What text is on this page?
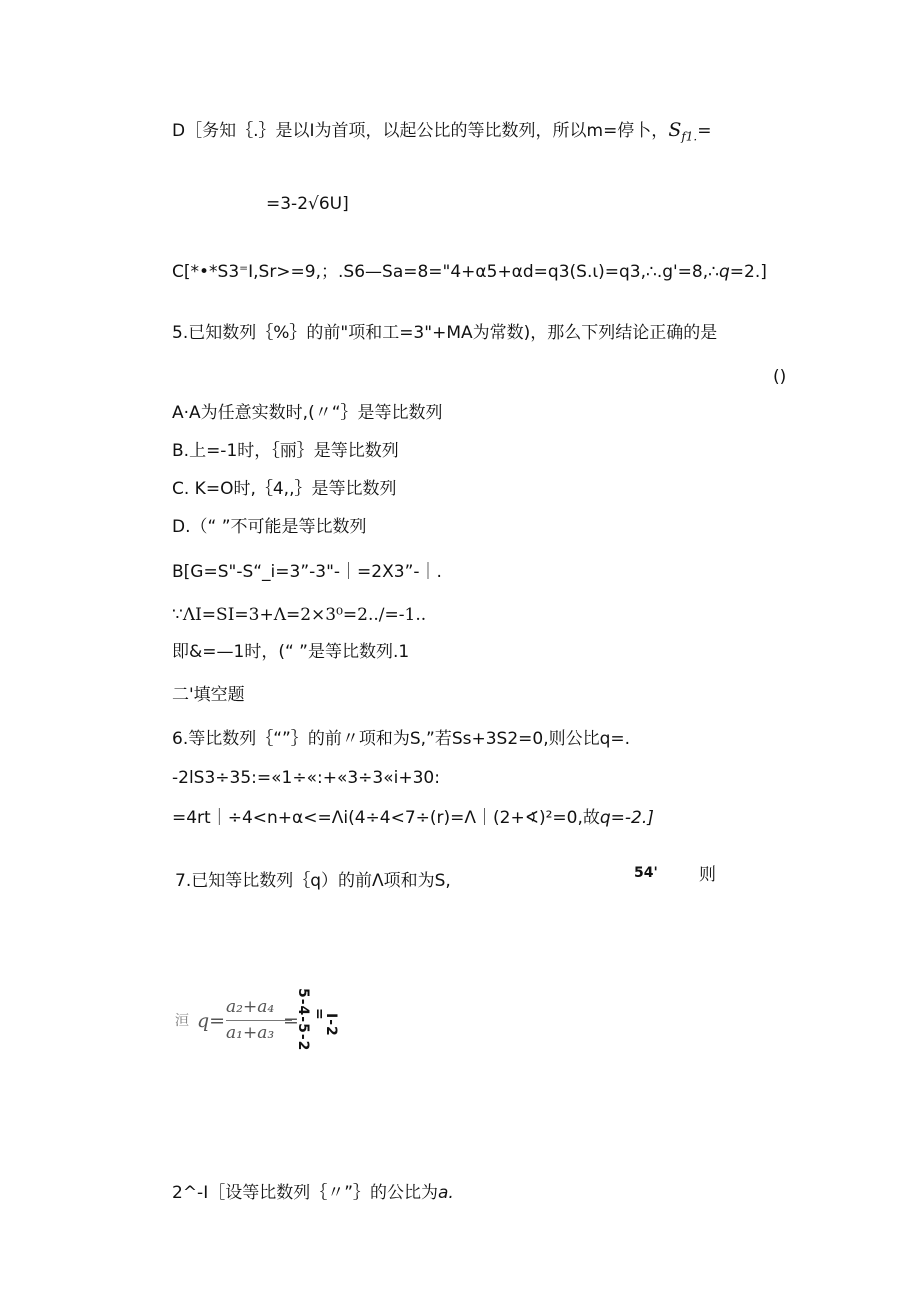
D［务知｛.｝是以I为首项，以起公比的等比数列，所以m=停卜，$S_{f1.}=$
=3-2√6U]
C[*•*S3⁼I,Sr>=9,；.S6—Sa=8="4+α5+αd=q3(S.ι)=q3,∴.g'=8,∴q=2.]
5.已知数列｛%｝的前"项和工=3"+MA为常数)，那么下列结论正确的是
()
A·A为任意实数时,(〃“｝是等比数列
B.上=-1时，｛丽｝是等比数列
C. K=O时,｛4,,｝是等比数列
D.（“ ”不可能是等比数列
B[G=S"-S“_i=3”-3"-｜=2X3”-｜.
∵ΛI=SI=3+Λ=2×3⁰=2..∕=-1..
即&=—1时，(“ ”是等比数列.1
二'填空题
6.等比数列｛“”｝的前〃项和为S,”若Ss+3S2=0,则公比q=.
-2lS3÷35:=«1÷«:+«3÷3«i+30:
=4rt｜÷4<n+α<=Λi(4÷4<7÷(r)=Λ｜(2+∢)²=0,故q=-2.]
7.已知等比数列｛q）的前Λ项和为S,	54' 则
洹 q=
a₂+a₄
a₁+a₃
=
5-4-5-2 =
I-2
2^-I［设等比数列｛〃”｝的公比为a.
